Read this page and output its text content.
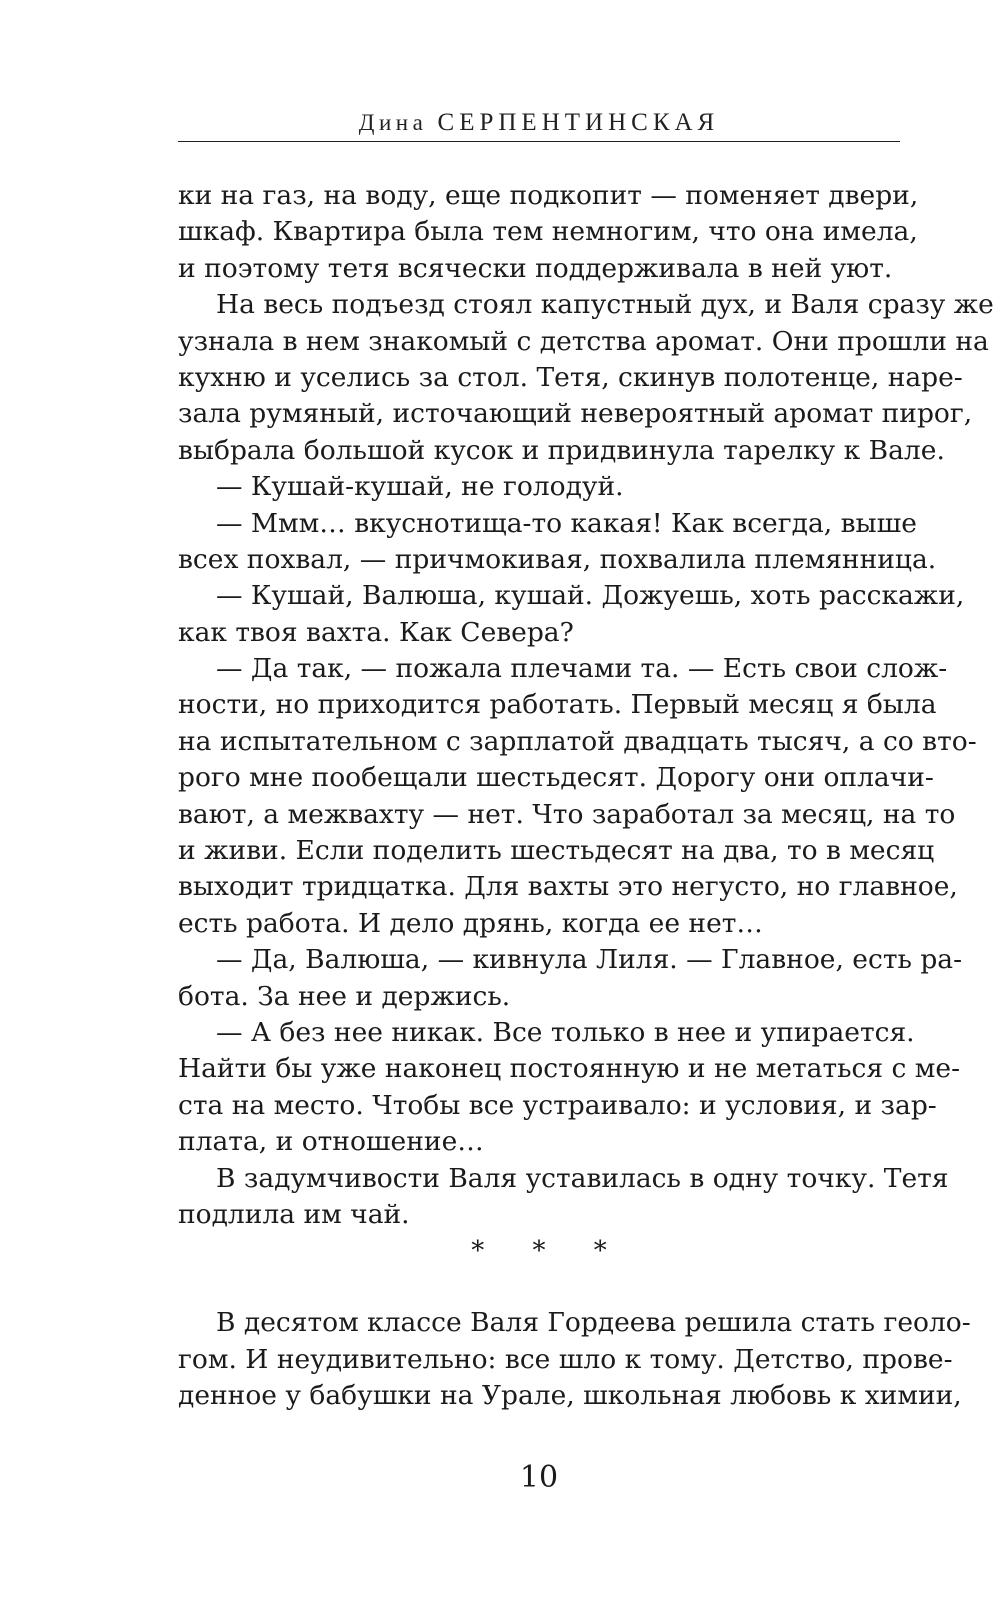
Дина СЕРПЕНТИНСКАЯ
ки на газ, на воду, еще подкопит — поменяет двери,
шкаф. Квартира была тем немногим, что она имела,
и поэтому тетя всячески поддерживала в ней уют.
На весь подъезд стоял капустный дух, и Валя сразу же
узнала в нем знакомый с детства аромат. Они прошли на
кухню и уселись за стол. Тетя, скинув полотенце, наре-
зала румяный, источающий невероятный аромат пирог,
выбрала большой кусок и придвинула тарелку к Вале.
— Кушай-кушай, не голодуй.
— Ммм… вкуснотища-то какая! Как всегда, выше
всех похвал, — причмокивая, похвалила племянница.
— Кушай, Валюша, кушай. Дожуешь, хоть расскажи,
как твоя вахта. Как Севера?
— Да так, — пожала плечами та. — Есть свои слож-
ности, но приходится работать. Первый месяц я была
на испытательном с зарплатой двадцать тысяч, а со вто-
рого мне пообещали шестьдесят. Дорогу они оплачи-
вают, а межвахту — нет. Что заработал за месяц, на то
и живи. Если поделить шестьдесят на два, то в месяц
выходит тридцатка. Для вахты это негусто, но главное,
есть работа. И дело дрянь, когда ее нет…
— Да, Валюша, — кивнула Лиля. — Главное, есть ра-
бота. За нее и держись.
— А без нее никак. Все только в нее и упирается.
Найти бы уже наконец постоянную и не метаться с ме-
ста на место. Чтобы все устраивало: и условия, и зар-
плата, и отношение…
В задумчивости Валя уставилась в одну точку. Тетя
подлила им чай.
* * *
В десятом классе Валя Гордеева решила стать геоло-
гом. И неудивительно: все шло к тому. Детство, прове-
денное у бабушки на Урале, школьная любовь к химии,
10
